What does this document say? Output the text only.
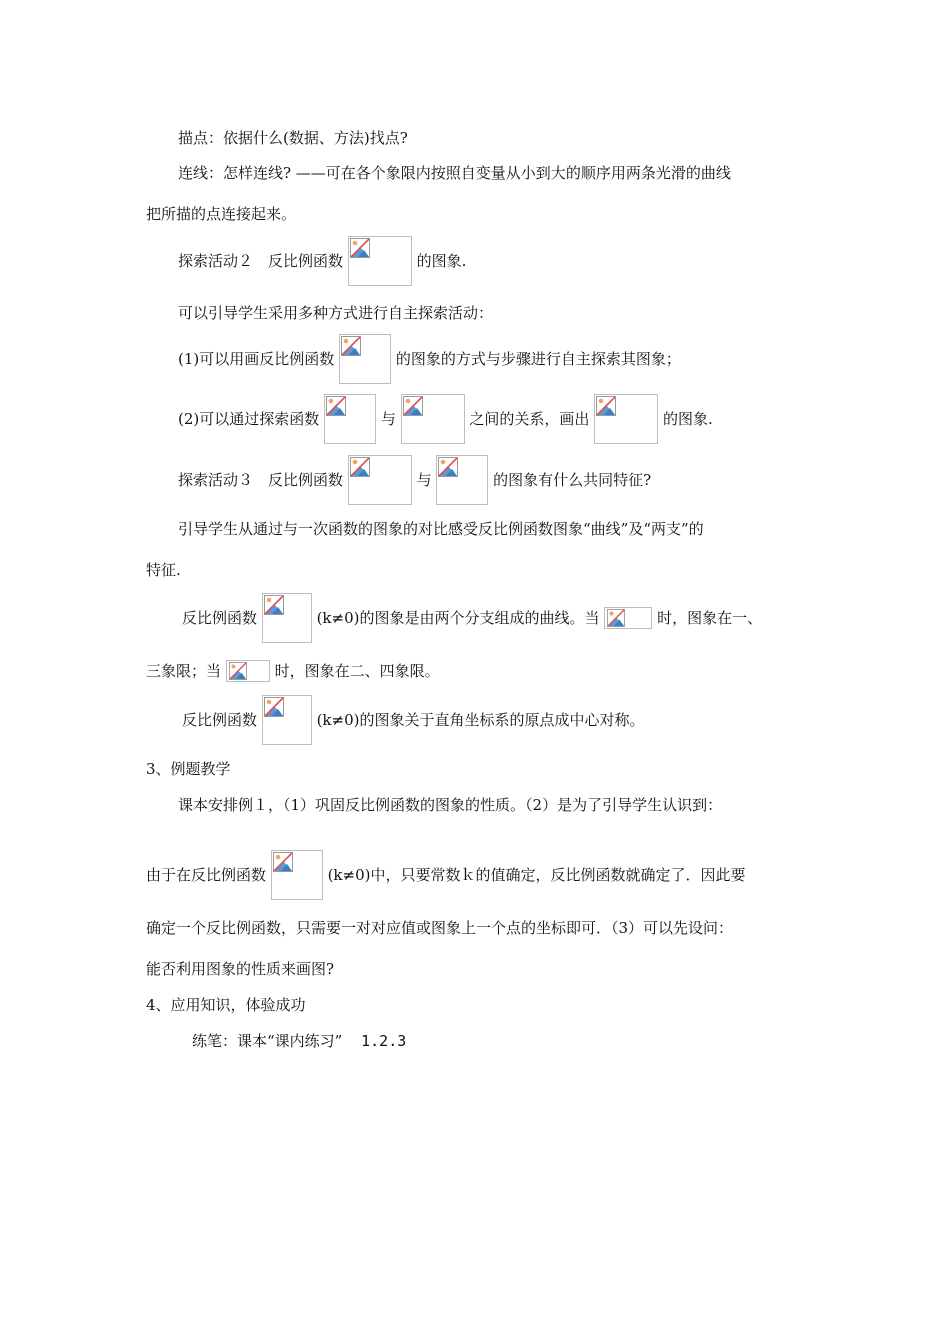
描点：依据什么(数据、方法)找点?
连线：怎样连线? ——可在各个象限内按照自变量从小到大的顺序用两条光滑的曲线
把所描的点连接起来。
探索活动２　反比例函数	的图象.
可以引导学生采用多种方式进行自主探索活动：
(1)可以用画反比例函数	的图象的方式与步骤进行自主探索其图象；
(2)可以通过探索函数	与	之间的关系，画出	的图象.
探索活动３　反比例函数	与	的图象有什么共同特征?
引导学生从通过与一次函数的图象的对比感受反比例函数图象“曲线”及“两支”的
特征.
反比例函数	(k≠0)的图象是由两个分支组成的曲线。当	时，图象在一、
三象限；当	时，图象在二、四象限。
反比例函数	(k≠0)的图象关于直角坐标系的原点成中心对称。
3、例题教学
课本安排例１，（1）巩固反比例函数的图象的性质。（2）是为了引导学生认识到：
由于在反比例函数	(k≠0)中，只要常数ｋ的值确定，反比例函数就确定了．因此要
确定一个反比例函数，只需要一对对应值或图象上一个点的坐标即可．（3）可以先设问：
能否利用图象的性质来画图?
4、应用知识，体验成功
练笔：课本“课内练习” 1.2.3
